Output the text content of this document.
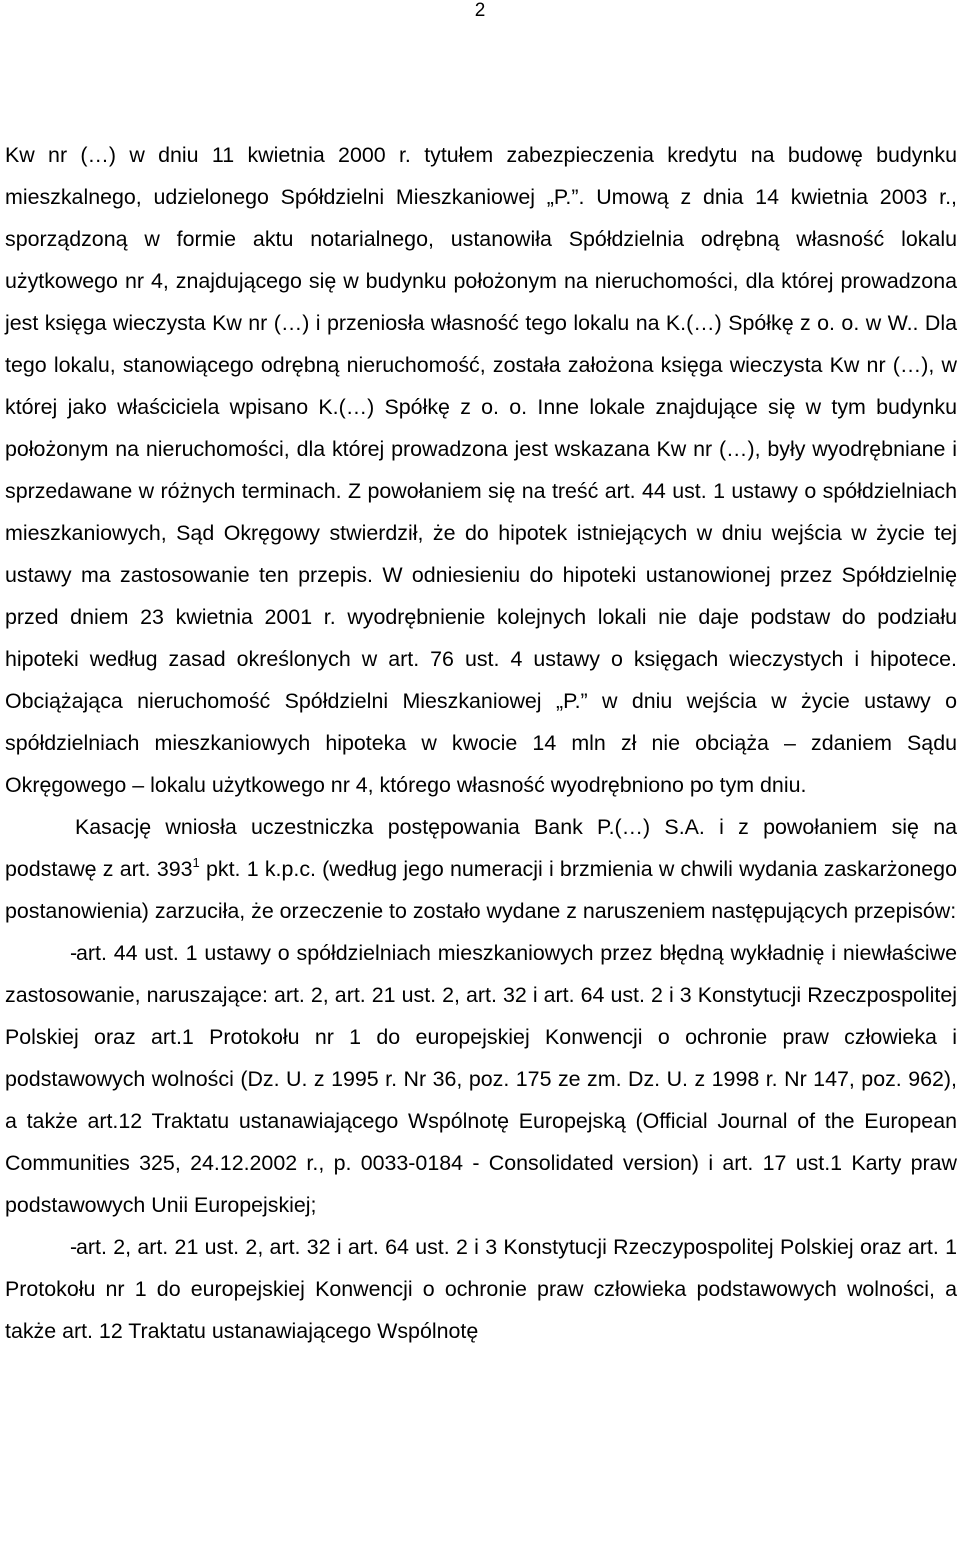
2

Kw nr (…) w dniu 11 kwietnia 2000 r. tytułem zabezpieczenia kredytu na budowę budynku mieszkalnego, udzielonego Spółdzielni Mieszkaniowej „P.”. Umową z dnia 14 kwietnia 2003 r., sporządzoną w formie aktu notarialnego, ustanowiła Spółdzielnia odrębną własność lokalu użytkowego nr 4, znajdującego się w budynku położonym na nieruchomości, dla której prowadzona jest księga wieczysta Kw nr (…) i przeniosła własność tego lokalu na K.(…) Spółkę z o. o. w W.. Dla tego lokalu, stanowiącego odrębną nieruchomość, została założona księga wieczysta Kw nr (…), w której jako właściciela wpisano K.(…) Spółkę z o. o. Inne lokale znajdujące się w tym budynku położonym na nieruchomości, dla której prowadzona jest wskazana Kw nr (…), były wyodrębniane i sprzedawane w różnych terminach. Z powołaniem się na treść art. 44 ust. 1 ustawy o spółdzielniach mieszkaniowych, Sąd Okręgowy stwierdził, że do hipotek istniejących w dniu wejścia w życie tej ustawy ma zastosowanie ten przepis. W odniesieniu do hipoteki ustanowionej przez Spółdzielnię przed dniem 23 kwietnia 2001 r. wyodrębnienie kolejnych lokali nie daje podstaw do podziału hipoteki według zasad określonych w art. 76 ust. 4 ustawy o księgach wieczystych i hipotece. Obciążająca nieruchomość Spółdzielni Mieszkaniowej „P.” w dniu wejścia w życie ustawy o spółdzielniach mieszkaniowych hipoteka w kwocie 14 mln zł nie obciąża – zdaniem Sądu Okręgowego – lokalu użytkowego nr 4, którego własność wyodrębniono po tym dniu.

Kasację wniosła uczestniczka postępowania Bank P.(…) S.A. i z powołaniem się na podstawę z art. $393^1$ pkt. 1 k.p.c. (według jego numeracji i brzmienia w chwili wydania zaskarżonego postanowienia) zarzuciła, że orzeczenie to zostało wydane z naruszeniem następujących przepisów:

-art. 44 ust. 1 ustawy o spółdzielniach mieszkaniowych przez błędną wykładnię i niewłaściwe zastosowanie, naruszające: art. 2, art. 21 ust. 2, art. 32 i art. 64 ust. 2 i 3 Konstytucji Rzeczpospolitej Polskiej oraz art.1 Protokołu nr 1 do europejskiej Konwencji o ochronie praw człowieka i podstawowych wolności (Dz. U. z 1995 r. Nr 36, poz. 175 ze zm. Dz. U. z 1998 r. Nr 147, poz. 962), a także art.12 Traktatu ustanawiającego Wspólnotę Europejską (Official Journal of the European Communities 325, 24.12.2002 r., p. 0033-0184 - Consolidated version) i art. 17 ust.1 Karty praw podstawowych Unii Europejskiej;

-art. 2, art. 21 ust. 2, art. 32 i art. 64 ust. 2 i 3 Konstytucji Rzeczypospolitej Polskiej oraz art. 1 Protokołu nr 1 do europejskiej Konwencji o ochronie praw człowieka podstawowych wolności, a także art. 12 Traktatu ustanawiającego Wspólnotę
